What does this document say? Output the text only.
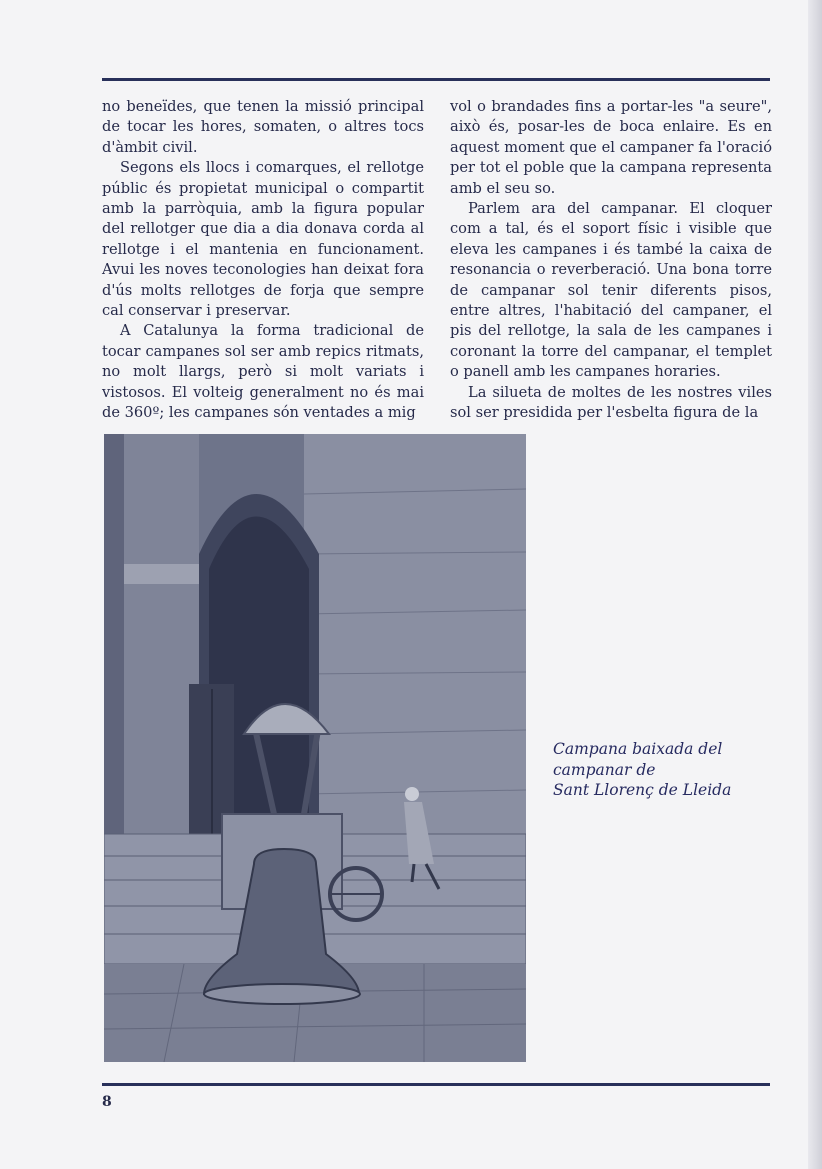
no beneïdes, que tenen la missió principal de tocar les hores, somaten, o altres tocs d'àmbit civil.

Segons els llocs i comarques, el rellotge públic és propietat municipal o compartit amb la parròquia, amb la figura popular del rellotger que dia a dia donava corda al rellotge i el mantenia en funcionament. Avui les noves teconologies han deixat fora d'ús molts rellotges de forja que sempre cal conservar i preservar.

A Catalunya la forma tradicional de tocar campanes sol ser amb repics ritmats, no molt llargs, però si molt variats i vistosos. El volteig generalment no és mai de 360º; les campanes són ventades a mig

vol o brandades fins a portar-les "a seure", això és, posar-les de boca enlaire. Es en aquest moment que el campaner fa l'oració per tot el poble que la campana representa amb el seu so.

Parlem ara del campanar. El cloquer com a tal, és el soport físic i visible que eleva les campanes i és també la caixa de resonancia o reverberació. Una bona torre de campanar sol tenir diferents pisos, entre altres, l'habitació del campaner, el pis del rellotge, la sala de les campanes i coronant la torre del campanar, el templet o panell amb les campanes horaries.

La silueta de moltes de les nostres viles sol ser presidida per l'esbelta figura de la

Campana baixada del
campanar de
Sant Llorenç de Lleida
8
